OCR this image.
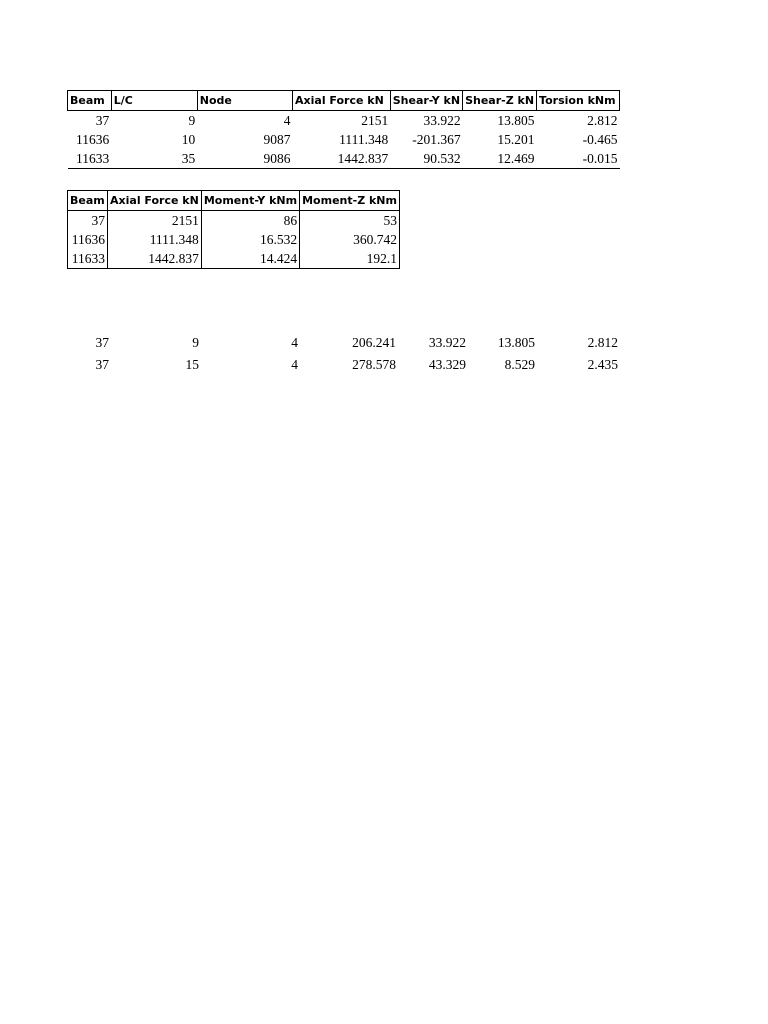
Beam	L/C	Node	Axial Force kN	Shear-Y kN	Shear-Z kN	Torsion kNm
37	9	4	2151	33.922	13.805	2.812
11636	10	9087	1111.348	-201.367	15.201	-0.465
11633	35	9086	1442.837	90.532	12.469	-0.015
Beam	Axial Force kN	Moment-Y kNm	Moment-Z kNm
37	2151	86	53
11636	1111.348	16.532	360.742
11633	1442.837	14.424	192.1
37	9	4	206.241	33.922	13.805	2.812
37	15	4	278.578	43.329	8.529	2.435
